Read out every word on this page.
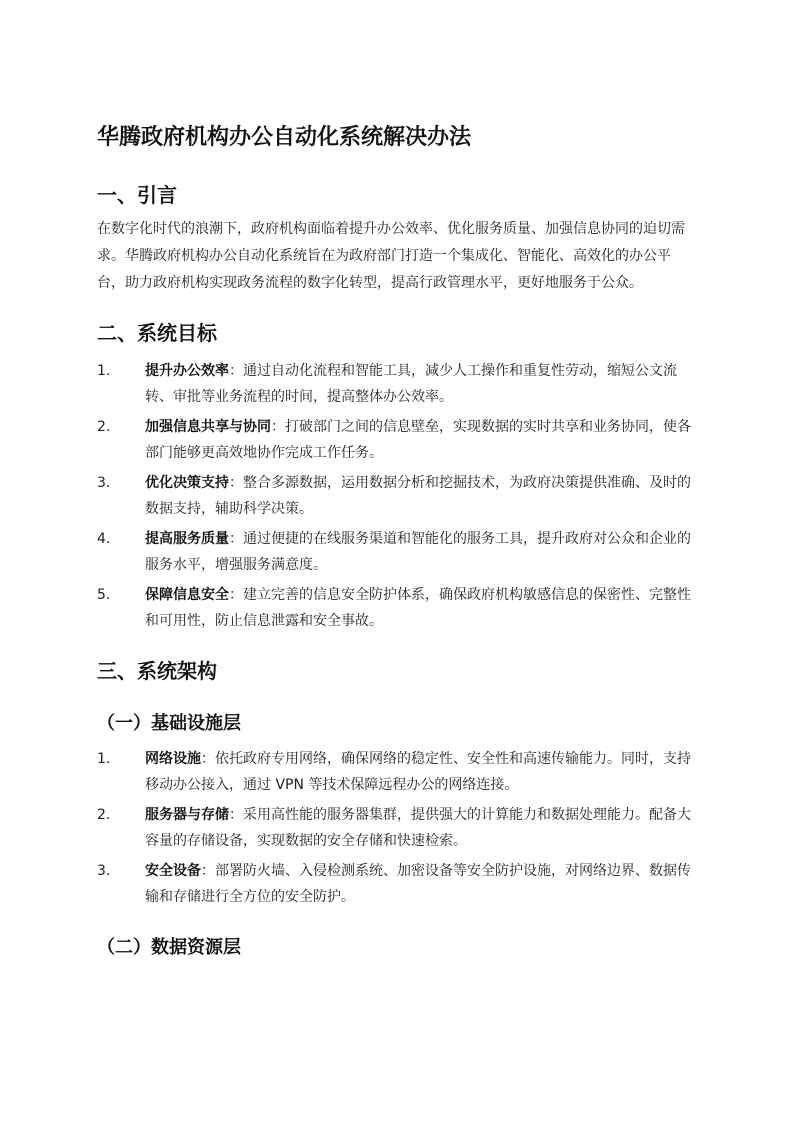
华腾政府机构办公自动化系统解决办法
一、引言

在数字化时代的浪潮下，政府机构面临着提升办公效率、优化服务质量、加强信息协同的迫切需求。华腾政府机构办公自动化系统旨在为政府部门打造一个集成化、智能化、高效化的办公平台，助力政府机构实现政务流程的数字化转型，提高行政管理水平，更好地服务于公众。

二、系统目标
1. 提升办公效率：通过自动化流程和智能工具，减少人工操作和重复性劳动，缩短公文流转、审批等业务流程的时间，提高整体办公效率。
2. 加强信息共享与协同：打破部门之间的信息壁垒，实现数据的实时共享和业务协同，使各部门能够更高效地协作完成工作任务。
3. 优化决策支持：整合多源数据，运用数据分析和挖掘技术，为政府决策提供准确、及时的数据支持，辅助科学决策。
4. 提高服务质量：通过便捷的在线服务渠道和智能化的服务工具，提升政府对公众和企业的服务水平，增强服务满意度。
5. 保障信息安全：建立完善的信息安全防护体系，确保政府机构敏感信息的保密性、完整性和可用性，防止信息泄露和安全事故。
三、系统架构
（一）基础设施层
1. 网络设施：依托政府专用网络，确保网络的稳定性、安全性和高速传输能力。同时，支持移动办公接入，通过 VPN 等技术保障远程办公的网络连接。
2. 服务器与存储：采用高性能的服务器集群，提供强大的计算能力和数据处理能力。配备大容量的存储设备，实现数据的安全存储和快速检索。
3. 安全设备：部署防火墙、入侵检测系统、加密设备等安全防护设施，对网络边界、数据传输和存储进行全方位的安全防护。
（二）数据资源层
